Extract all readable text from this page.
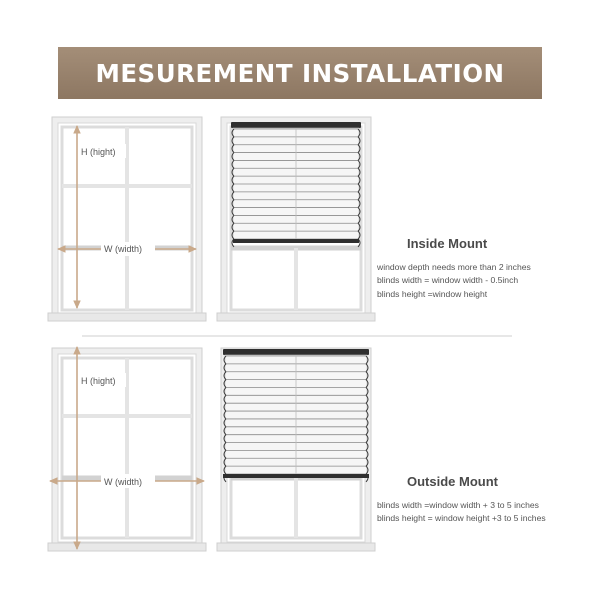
MESUREMENT INSTALLATION
H (hight)
W (width)
H (hight)
W (width)
Inside Mount
window depth needs more than 2 inches
blinds width = window width - 0.5inch
blinds height =window height
Outside Mount
blinds width =window width + 3 to 5 inches
blinds height = window height +3 to 5 inches
